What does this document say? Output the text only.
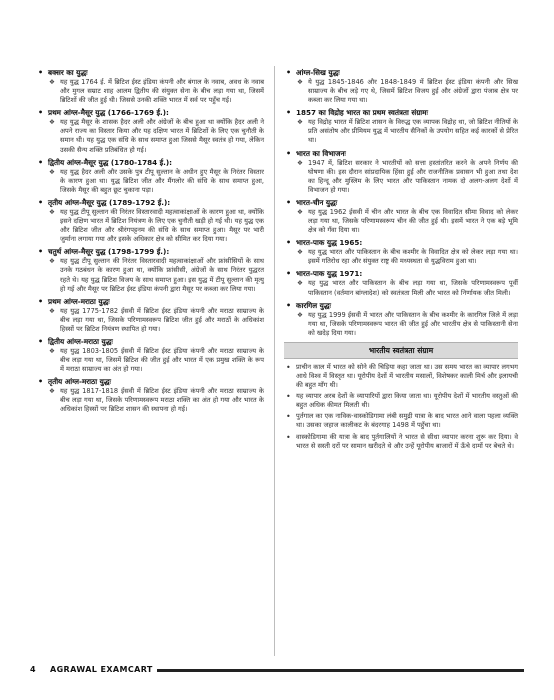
• बक्सर का युद्धः
❖ यह युद्ध 1764 ई. में ब्रिटिश ईस्ट इंडिया कंपनी और बंगाल के नवाब, अवध के नवाब और मुगल सम्राट शाह आलम द्वितीय की संयुक्त सेना के बीच लड़ा गया था, जिसमें ब्रिटिशों की जीत हुई थी। जिससे उनकी शक्ति भारत में सर्व पर पहुँच गई।
• प्रथम आंग्ल-मैसूर युद्ध (1766-1769 ई.):
❖ यह युद्ध मैसूर के शासक हैदर अली और अंग्रेजों के बीच हुआ था क्योंकि हैदर अली ने अपने राज्य का विस्तार किया और यह दक्षिण भारत में ब्रिटिशों के लिए एक चुनौती के समान थी। यह युद्ध एक संधि के साथ समाप्त हुआ जिससे मैसूर स्वतंत्र हो गया, लेकिन उसकी सैन्य शक्ति प्रतिबंधित हो गई।
• द्वितीय आंग्ल-मैसूर युद्ध (1780-1784 ई.):
❖ यह युद्ध हैदर अली और उसके पुत्र टीपू सुल्तान के अधीन हुए मैसूर के निरंतर विस्तार के कारण हुआ था। युद्ध ब्रिटिश जीत और मैंगलोर की संधि के साथ समाप्त हुआ, जिसके मैसूर की बहुत छूट चुकाना पड़ा।
• तृतीय आंग्ल-मैसूर युद्ध (1789-1792 ई.):
❖ यह युद्ध टीपू सुल्तान की निरंतर विस्तारवादी महत्वाकांक्षाओं के कारण हुआ था, क्योंकि इसने दक्षिण भारत में ब्रिटिश नियंत्रण के लिए एक चुनौती खड़ी हो गई थी। यह युद्ध एक और ब्रिटिश जीत और श्रीरंगपट्टनम की संधि के साथ समाप्त हुआ। मैसूर पर भारी जुर्माना लगाया गया और इसके अधिकार क्षेत्र को सीमित कर दिया गया।
• चतुर्थ आंग्ल-मैसूर युद्ध (1798-1799 ई.):
❖ यह युद्ध टीपू सुल्तान की निरंतर विस्तारवादी महत्वाकांक्षाओं और फ्रांसीसियों के साथ उनके गठबंधन के कारण हुआ था, क्योंकि फ्रांसीसी, अंग्रेजों के साथ निरंतर युद्धरत रहते थे। यह युद्ध ब्रिटिश विजय के साथ समाप्त हुआ। इस युद्ध में टीपू सुल्तान की मृत्यु हो गई और मैसूर पर ब्रिटिश ईस्ट इंडिया कंपनी द्वारा मैसूर पर कब्जा कर लिया गया।
• प्रथम आंग्ल-मराठा युद्धः
❖ यह युद्ध 1775-1782 ईसवी में ब्रिटिश ईस्ट इंडिया कंपनी और मराठा साम्राज्य के बीच लड़ा गया था, जिसके परिणामस्वरूप ब्रिटिश जीत हुई और मराठों के अधिकांश हिस्सों पर ब्रिटिश नियंत्रण स्थापित हो गया।
• द्वितीय आंग्ल-मराठा युद्धः
❖ यह युद्ध 1803-1805 ईसवी में ब्रिटिश ईस्ट इंडिया कंपनी और मराठा साम्राज्य के बीच लड़ा गया था, जिसमें ब्रिटिश की जीत हुई और भारत में एक प्रमुख शक्ति के रूप में मराठा साम्राज्य का अंत हो गया।
• तृतीय आंग्ल-मराठा युद्धः
❖ यह युद्ध 1817-1818 ईसवी में ब्रिटिश ईस्ट इंडिया कंपनी और मराठा साम्राज्य के बीच लड़ा गया था, जिसके परिणामस्वरूप मराठा शक्ति का अंत हो गया और भारत के अधिकांश हिस्सों पर ब्रिटिश शासन की स्थापना हो गई।
• आंग्ल-सिख युद्धः
❖ ये युद्ध 1845-1846 और 1848-1849 में ब्रिटिश ईस्ट इंडिया कंपनी और सिख साम्राज्य के बीच लड़े गए थे, जिसमें ब्रिटिश विजय हुई और अंग्रेजों द्वारा पंजाब क्षेत्र पर कब्जा कर लिया गया था।
• 1857 का विद्रोह भारत का प्रथम स्वतंत्रता संग्रामः
❖ यह विद्रोह भारत में ब्रिटिश शासन के विरुद्ध एक व्यापक विद्रोह था, जो ब्रिटिश नीतियों के प्रति असंतोष और प्रीमियम युद्ध में भारतीय सैनिकों के उपयोग सहित कई कारकों से प्रेरित था।
• भारत का विभाजनः
❖ 1947 में, ब्रिटिश सरकार ने भारतीयों को सत्ता हस्तांतरित करने के अपने निर्णय की घोषणा की। इस दौरान सांप्रदायिक हिंसा हुई और राजनीतिक प्रवासन भी हुआ तथा देश का हिन्दू और मुस्लिम के लिए भारत और पाकिस्तान नामक दो अलग-अलग देशों में विभाजन हो गया।
• भारत-चीन युद्धः
❖ यह युद्ध 1962 ईसवी में चीन और भारत के बीच एक विवादित सीमा विवाद को लेकर लड़ा गया था, जिसके परिणामस्वरूप चीन की जीत हुई थी। इसमें भारत ने एक बड़े भूमि क्षेत्र को गँवा दिया था।
• भारत-पाक युद्ध 1965:
❖ यह युद्ध भारत और पाकिस्तान के बीच कश्मीर के विवादित क्षेत्र को लेकर लड़ा गया था। इसमें गतिरोध रहा और संयुक्त राष्ट्र की मध्यस्थता से युद्धविराम हुआ था।
• भारत-पाक युद्ध 1971:
❖ यह युद्ध भारत और पाकिस्तान के बीच लड़ा गया था, जिसके परिणामस्वरूप पूर्वी पाकिस्तान (वर्तमान बांग्लादेश) को स्वतंत्रता मिली और भारत को निर्णायक जीत मिली।
• कारगिल युद्धः
❖ यह युद्ध 1999 ईसवी में भारत और पाकिस्तान के बीच कश्मीर के कारगिल जिले में लड़ा गया था, जिसके परिणामस्वरूप भारत की जीत हुई और भारतीय क्षेत्र से पाकिस्तानी सेना को खदेड़ दिया गया।
भारतीय स्वतंत्रता संग्राम
• प्राचीन काल में भारत को सोने की चिड़िया कहा जाता था। उस समय भारत का व्यापार लगभग आधे विश्व में विस्तृत था। यूरोपीय देशों में भारतीय मसालों, विशेषकर काली मिर्च और इलायची की बहुत माँग थी।
• यह व्यापार अरब देशों के व्यापारियों द्वारा किया जाता था। यूरोपीय देशों में भारतीय वस्तुओं की बहुत अधिक कीमत मिलती थी।
• पुर्तगाल का एक नाविक-वास्कोडिगामा लंबी समुद्री यात्रा के बाद भारत आने वाला पहला व्यक्ति था। उसका जहाज कालीकट के बंदरगाह 1498 में पहुँचा था।
• वास्कोडिगामा की यात्रा के बाद पुर्तगालियों ने भारत से सीधा व्यापार करना शुरू कर दिया। वे भारत से सस्ती दरों पर सामान खरीदते थे और उन्हें यूरोपीय बाजारों में ऊँचे दामों पर बेचते थे।
4	AGRAWAL EXAMCART
